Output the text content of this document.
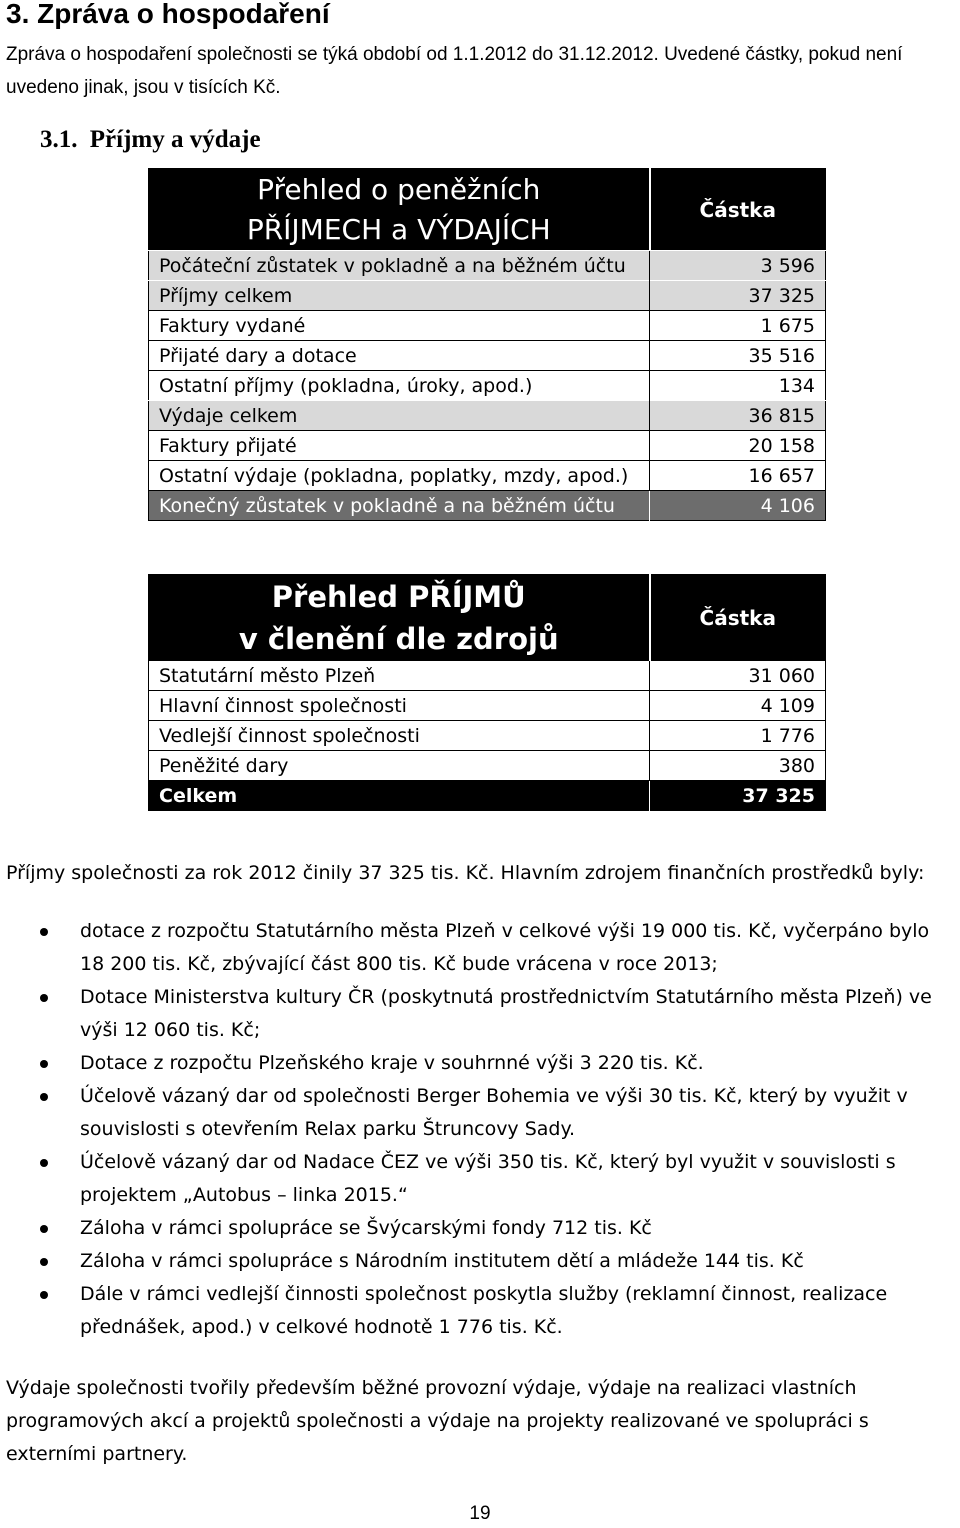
3. Zpráva o hospodaření
Zpráva o hospodaření společnosti se týká období od 1.1.2012 do 31.12.2012. Uvedené částky, pokud není uvedeno jinak, jsou v tisících Kč.
3.1. Příjmy a výdaje
Přehled o peněžních
PŘÍJMECH a VÝDAJÍCH	Částka
Počáteční zůstatek v pokladně a na běžném účtu	3 596
Příjmy celkem	37 325
Faktury vydané	1 675
Přijaté dary a dotace	35 516
Ostatní příjmy (pokladna, úroky, apod.)	134
Výdaje celkem	36 815
Faktury přijaté	20 158
Ostatní výdaje (pokladna, poplatky, mzdy, apod.)	16 657
Konečný zůstatek v pokladně a na běžném účtu	4 106
Přehled PŘÍJMŮ
v členění dle zdrojů	Částka
Statutární město Plzeň	31 060
Hlavní činnost společnosti	4 109
Vedlejší činnost společnosti	1 776
Peněžité dary	380
Celkem	37 325
Příjmy společnosti za rok 2012 činily 37 325 tis. Kč. Hlavním zdrojem finančních prostředků byly:
dotace z rozpočtu Statutárního města Plzeň v celkové výši 19 000 tis. Kč, vyčerpáno bylo 18 200 tis. Kč, zbývající část 800 tis. Kč bude vrácena v roce 2013;
Dotace Ministerstva kultury ČR (poskytnutá prostřednictvím Statutárního města Plzeň) ve výši 12 060 tis. Kč;
Dotace z rozpočtu Plzeňského kraje v souhrnné výši 3 220 tis. Kč.
Účelově vázaný dar od společnosti Berger Bohemia ve výši 30 tis. Kč, který by využit v souvislosti s otevřením Relax parku Štruncovy Sady.
Účelově vázaný dar od Nadace ČEZ ve výši 350 tis. Kč, který byl využit v souvislosti s projektem „Autobus – linka 2015.“
Záloha v rámci spolupráce se Švýcarskými fondy 712 tis. Kč
Záloha v rámci spolupráce s Národním institutem dětí a mládeže 144 tis. Kč
Dále v rámci vedlejší činnosti společnost poskytla služby (reklamní činnost, realizace přednášek, apod.) v celkové hodnotě 1 776 tis. Kč.
Výdaje společnosti tvořily především běžné provozní výdaje, výdaje na realizaci vlastních programových akcí a projektů společnosti a výdaje na projekty realizované ve spolupráci s externími partnery.
19
